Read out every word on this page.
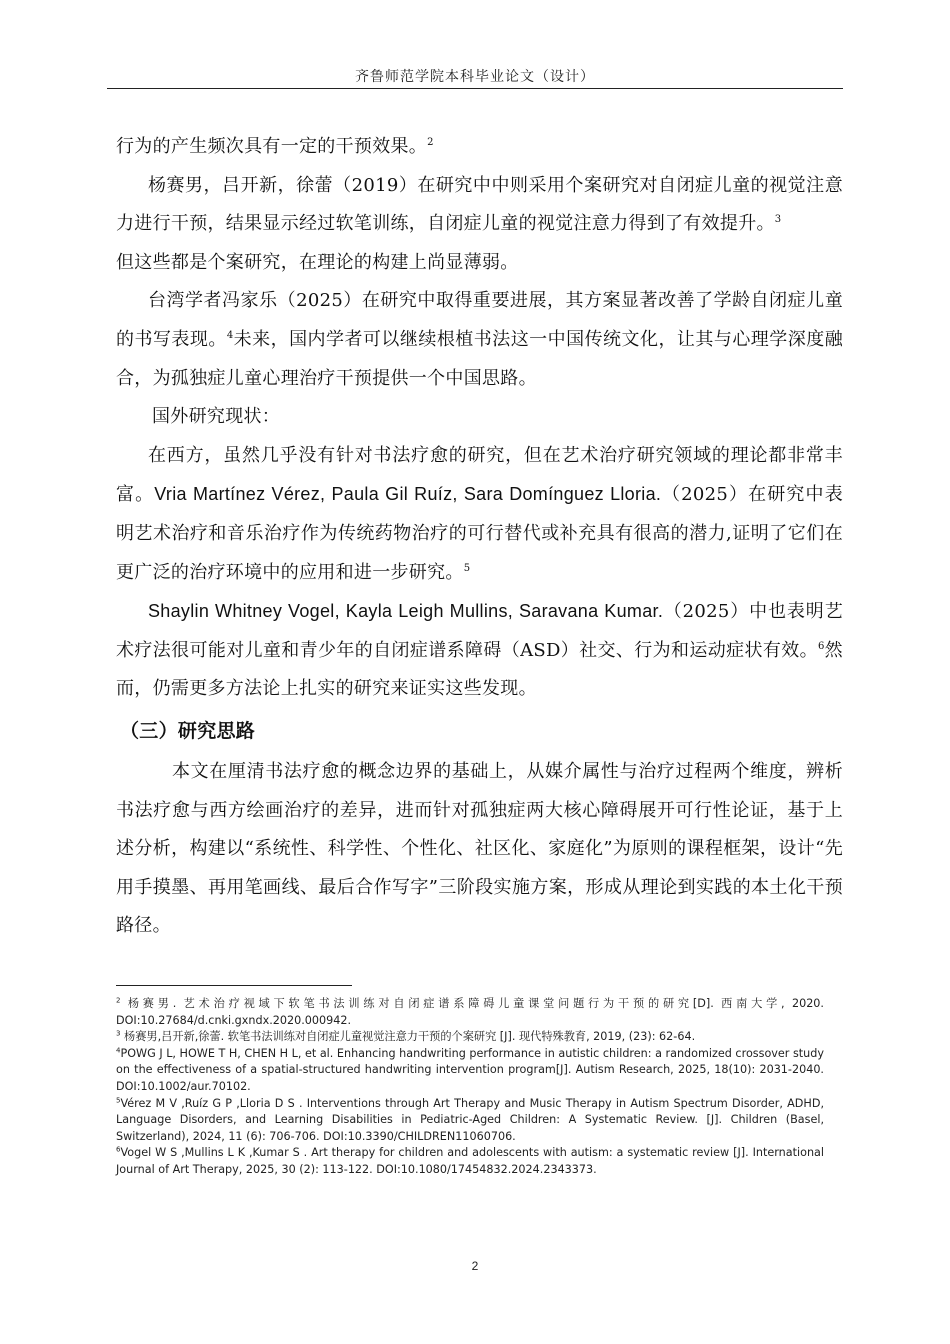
齐鲁师范学院本科毕业论文（设计）

行为的产生频次具有一定的干预效果。$^2$

杨赛男，吕开新，徐蕾（2019）在研究中中则采用个案研究对自闭症儿童的视觉注意力进行干预，结果显示经过软笔训练，自闭症儿童的视觉注意力得到了有效提升。$^3$
但这些都是个案研究，在理论的构建上尚显薄弱。

台湾学者冯家乐（2025）在研究中取得重要进展，其方案显著改善了学龄自闭症儿童的书写表现。$^4$未来，国内学者可以继续根植书法这一中国传统文化，让其与心理学深度融合，为孤独症儿童心理治疗干预提供一个中国思路。

国外研究现状：

在西方，虽然几乎没有针对书法疗愈的研究，但在艺术治疗研究领域的理论都非常丰富。Vria Martínez Vérez, Paula Gil Ruíz, Sara Domínguez Lloria.（2025）在研究中表明艺术治疗和音乐治疗作为传统药物治疗的可行替代或补充具有很高的潜力,证明了它们在更广泛的治疗环境中的应用和进一步研究。$^5$

Shaylin Whitney Vogel, Kayla Leigh Mullins, Saravana Kumar.（2025）中也表明艺术疗法很可能对儿童和青少年的自闭症谱系障碍（ASD）社交、行为和运动症状有效。$^6$然而，仍需更多方法论上扎实的研究来证实这些发现。

（三）研究思路

本文在厘清书法疗愈的概念边界的基础上，从媒介属性与治疗过程两个维度，辨析书法疗愈与西方绘画治疗的差异，进而针对孤独症两大核心障碍展开可行性论证，基于上述分析，构建以“系统性、科学性、个性化、社区化、家庭化”为原则的课程框架，设计“先用手摸墨、再用笔画线、最后合作写字”三阶段实施方案，形成从理论到实践的本土化干预路径。

$^2$ 杨赛男. 艺术治疗视域下软笔书法训练对自闭症谱系障碍儿童课堂问题行为干预的研究[D]. 西南大学, 2020. DOI:10.27684/d.cnki.gxndx.2020.000942.

$^3$ 杨赛男,吕开新,徐蕾. 软笔书法训练对自闭症儿童视觉注意力干预的个案研究 [J]. 现代特殊教育, 2019, (23): 62-64.

$^4$POWG J L, HOWE T H, CHEN H L, et al. Enhancing handwriting performance in autistic children: a randomized crossover study on the effectiveness of a spatial-structured handwriting intervention program[J]. Autism Research, 2025, 18(10): 2031-2040. DOI:10.1002/aur.70102.

$^5$Vérez M V ,Ruíz G P ,Lloria D S . Interventions through Art Therapy and Music Therapy in Autism Spectrum Disorder, ADHD, Language Disorders, and Learning Disabilities in Pediatric-Aged Children: A Systematic Review. [J]. Children (Basel, Switzerland), 2024, 11 (6): 706-706. DOI:10.3390/CHILDREN11060706.

$^6$Vogel W S ,Mullins L K ,Kumar S . Art therapy for children and adolescents with autism: a systematic review [J]. International Journal of Art Therapy, 2025, 30 (2): 113-122. DOI:10.1080/17454832.2024.2343373.

2
